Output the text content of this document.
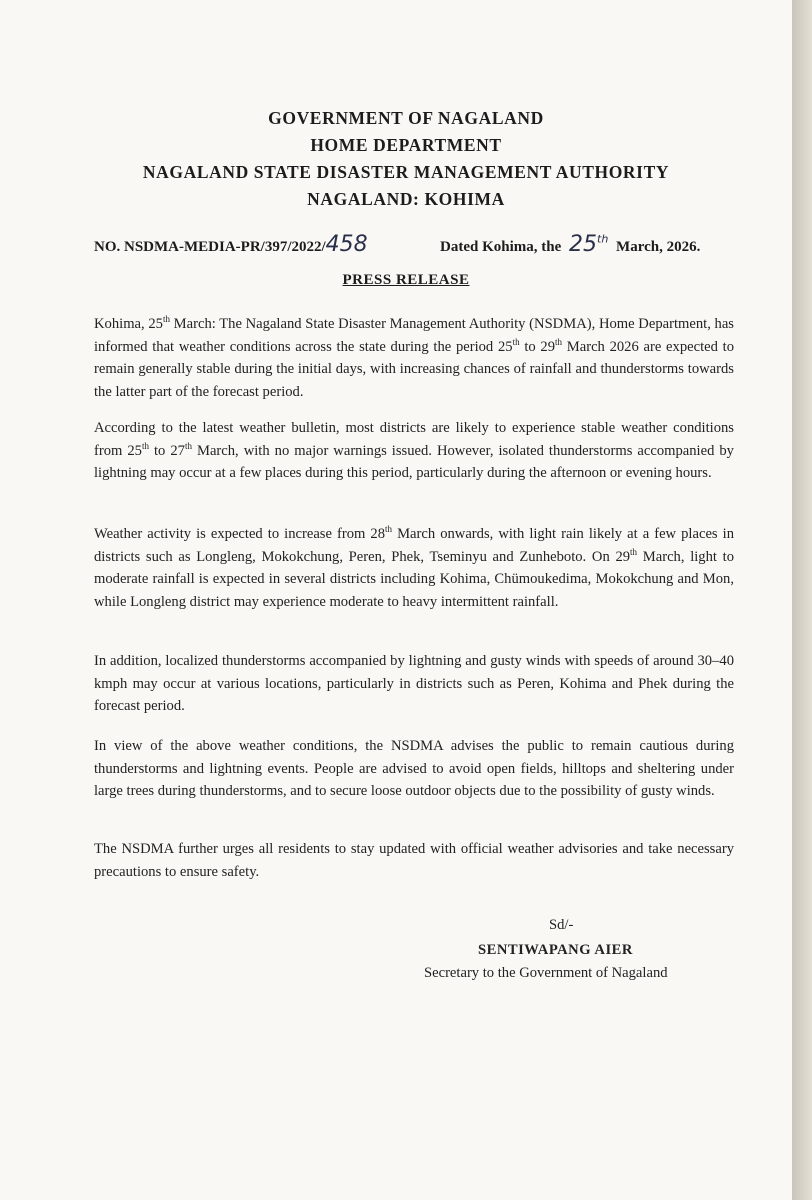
GOVERNMENT OF NAGALAND
HOME DEPARTMENT
NAGALAND STATE DISASTER MANAGEMENT AUTHORITY
NAGALAND: KOHIMA
NO. NSDMA-MEDIA-PR/397/2022/458	Dated Kohima, the 25th March, 2026.
PRESS RELEASE

Kohima, 25th March: The Nagaland State Disaster Management Authority (NSDMA), Home Department, has informed that weather conditions across the state during the period 25th to 29th March 2026 are expected to remain generally stable during the initial days, with increasing chances of rainfall and thunderstorms towards the latter part of the forecast period.

According to the latest weather bulletin, most districts are likely to experience stable weather conditions from 25th to 27th March, with no major warnings issued. However, isolated thunderstorms accompanied by lightning may occur at a few places during this period, particularly during the afternoon or evening hours.

Weather activity is expected to increase from 28th March onwards, with light rain likely at a few places in districts such as Longleng, Mokokchung, Peren, Phek, Tseminyu and Zunheboto. On 29th March, light to moderate rainfall is expected in several districts including Kohima, Chümoukedima, Mokokchung and Mon, while Longleng district may experience moderate to heavy intermittent rainfall.

In addition, localized thunderstorms accompanied by lightning and gusty winds with speeds of around 30–40 kmph may occur at various locations, particularly in districts such as Peren, Kohima and Phek during the forecast period.

In view of the above weather conditions, the NSDMA advises the public to remain cautious during thunderstorms and lightning events. People are advised to avoid open fields, hilltops and sheltering under large trees during thunderstorms, and to secure loose outdoor objects due to the possibility of gusty winds.

The NSDMA further urges all residents to stay updated with official weather advisories and take necessary precautions to ensure safety.

Sd/-
SENTIWAPANG AIER
Secretary to the Government of Nagaland
